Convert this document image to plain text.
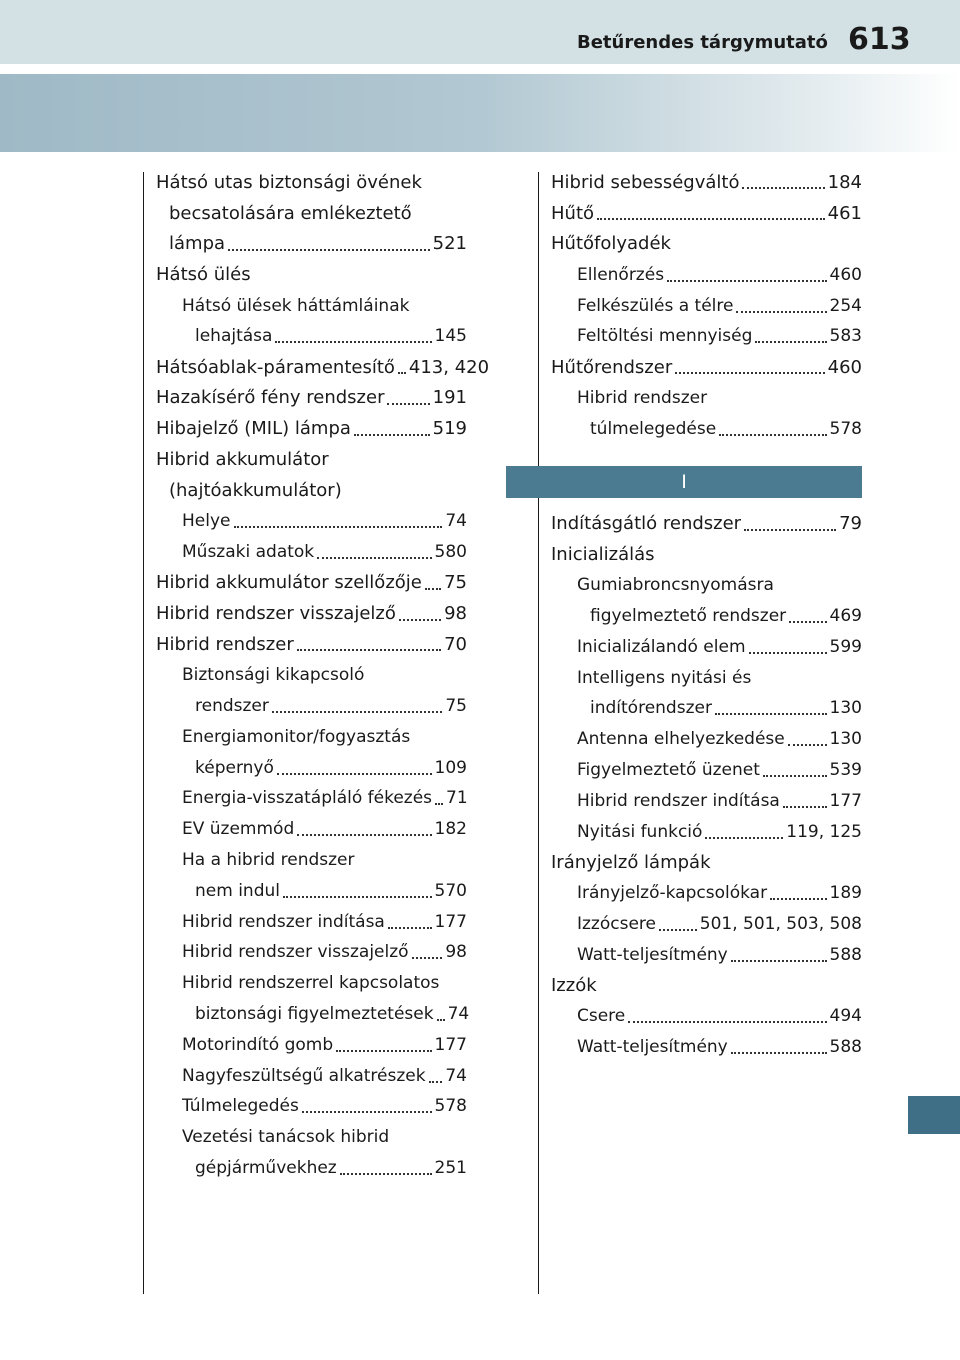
Betűrendes tárgymutató 613
Hátsó utas biztonsági övének
becsatolására emlékeztető
lámpa	521
Hátsó ülés
Hátsó ülések háttámláinak
lehajtása	145
Hátsóablak-páramentesítő 413, 420
Hazakísérő fény rendszer	191
Hibajelző (MIL) lámpa	519
Hibrid akkumulátor
(hajtóakkumulátor)
Helye	74
Műszaki adatok	580
Hibrid akkumulátor szellőzője 75
Hibrid rendszer visszajelző	98
Hibrid rendszer	70
Biztonsági kikapcsoló
rendszer	75
Energiamonitor/fogyasztás
képernyő	109
Energia-visszatápláló fékezés 71
EV üzemmód	182
Ha a hibrid rendszer
nem indul	570
Hibrid rendszer indítása	177
Hibrid rendszer visszajelző 98
Hibrid rendszerrel kapcsolatos
biztonsági figyelmeztetések 74
Motorindító gomb	177
Nagyfeszültségű alkatrészek 74
Túlmelegedés	578
Vezetési tanácsok hibrid
gépjárművekhez	251
Hibrid sebességváltó	184
Hűtő	461
Hűtőfolyadék
Ellenőrzés	460
Felkészülés a télre	254
Feltöltési mennyiség	583
Hűtőrendszer	460
Hibrid rendszer
túlmelegedése	578
I
Indításgátló rendszer	79
Inicializálás
Gumiabroncsnyomásra
figyelmeztető rendszer	469
Inicializálandó elem	599
Intelligens nyitási és
indítórendszer	130
Antenna elhelyezkedése	130
Figyelmeztető üzenet	539
Hibrid rendszer indítása	177
Nyitási funkció	119, 125
Irányjelző lámpák
Irányjelző-kapcsolókar	189
Izzócsere	501, 501, 503, 508
Watt-teljesítmény	588
Izzók
Csere	494
Watt-teljesítmény	588
